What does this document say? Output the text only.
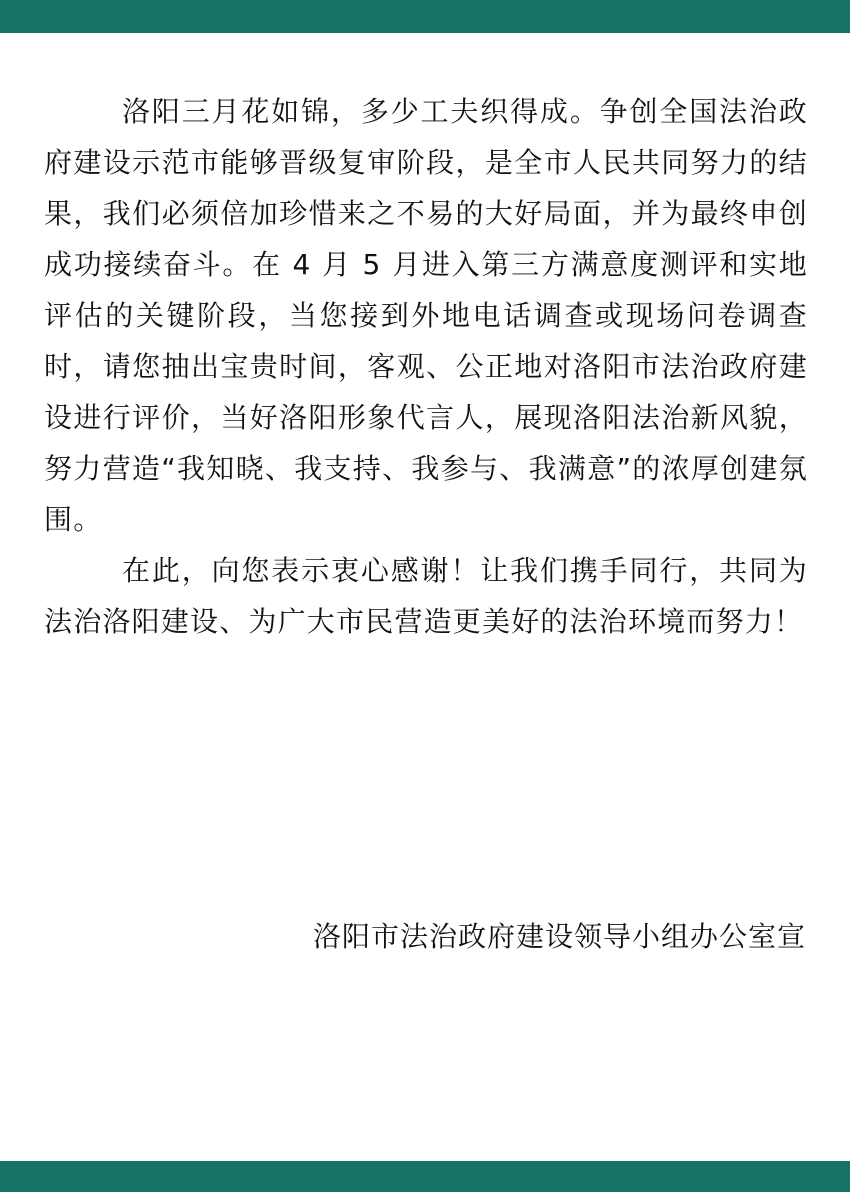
洛阳三月花如锦，多少工夫织得成。争创全国法治政府建设示范市能够晋级复审阶段，是全市人民共同努力的结果，我们必须倍加珍惜来之不易的大好局面，并为最终申创成功接续奋斗。在 4 月 5 月进入第三方满意度测评和实地评估的关键阶段，当您接到外地电话调查或现场问卷调查时，请您抽出宝贵时间，客观、公正地对洛阳市法治政府建设进行评价，当好洛阳形象代言人，展现洛阳法治新风貌，努力营造“我知晓、我支持、我参与、我满意”的浓厚创建氛围。

在此，向您表示衷心感谢！让我们携手同行，共同为法治洛阳建设、为广大市民营造更美好的法治环境而努力！

洛阳市法治政府建设领导小组办公室宣
